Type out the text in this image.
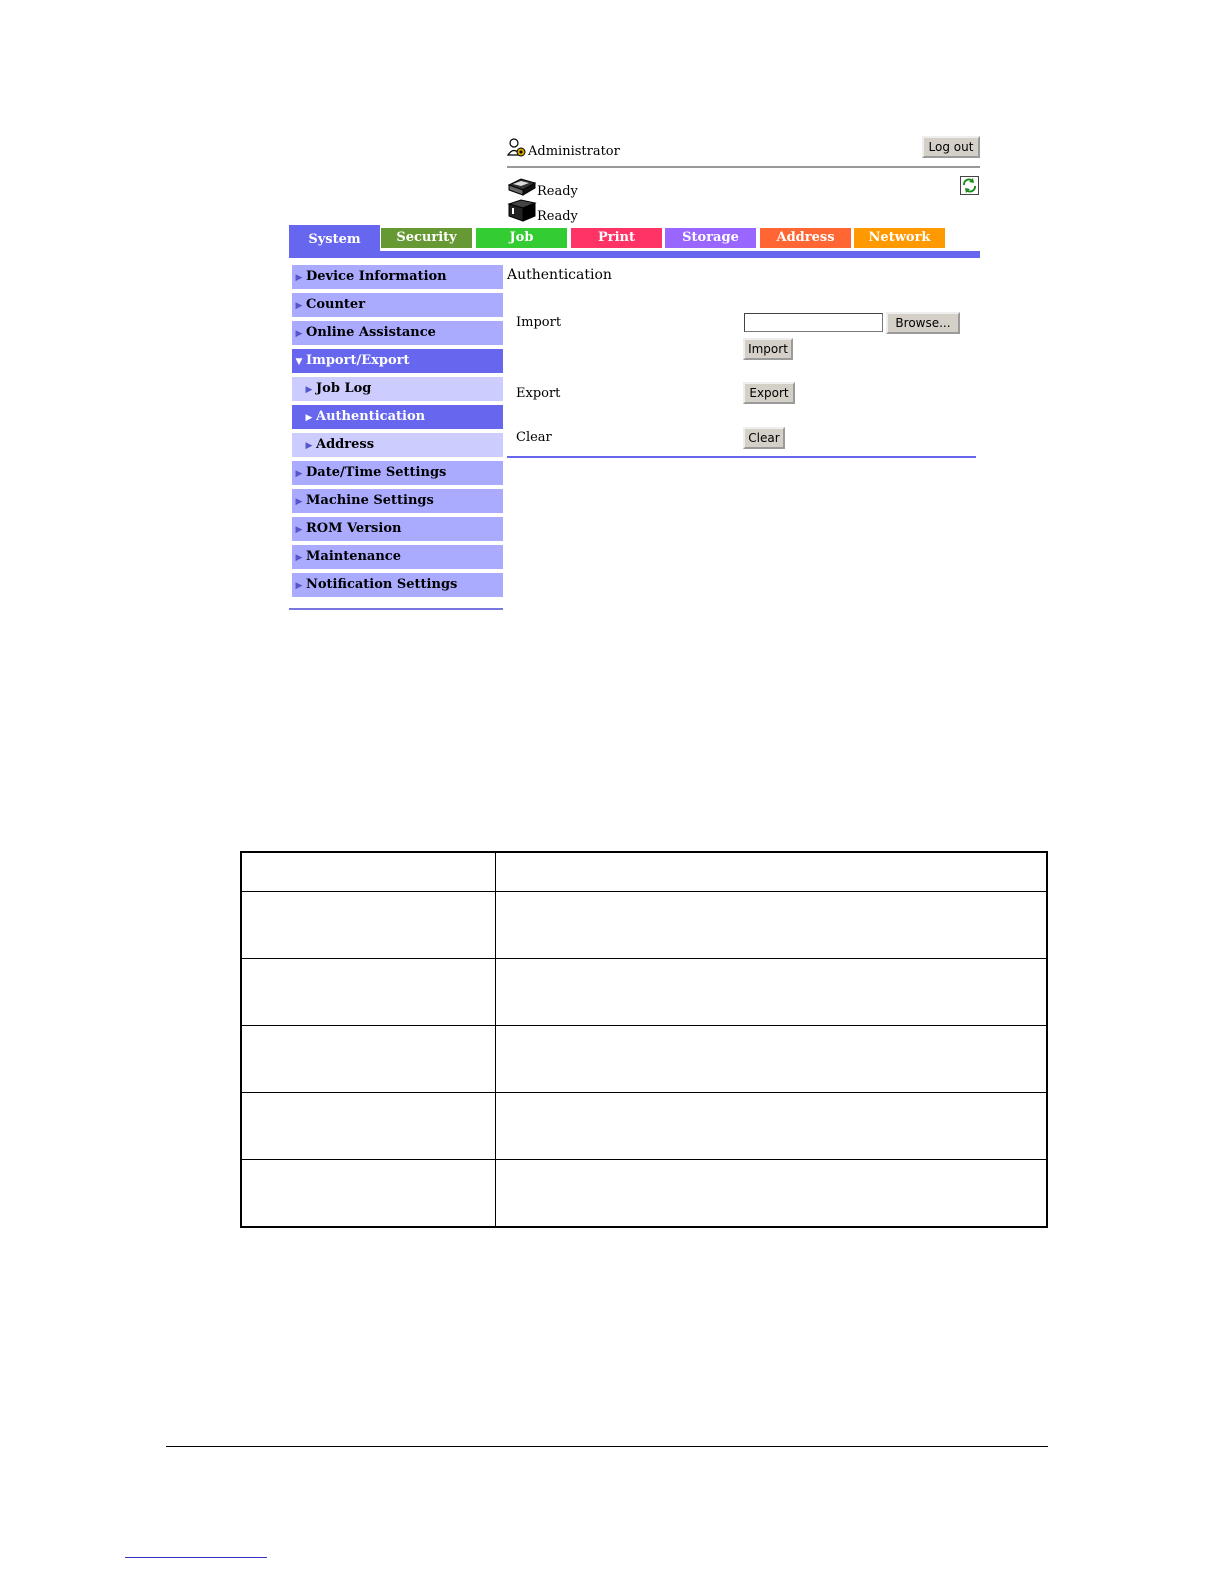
Administrator	Log out
Ready
Ready
System	Security	Job	Print	Storage	Address	Network
▶ Device Information
▶ Counter
▶ Online Assistance
▼ Import/Export
▶ Job Log
▶ Authentication
▶ Address
▶ Date/Time Settings
▶ Machine Settings
▶ ROM Version
▶ Maintenance
▶ Notification Settings
Authentication
Import	Browse...
Import
Export	Export
Clear	Clear
